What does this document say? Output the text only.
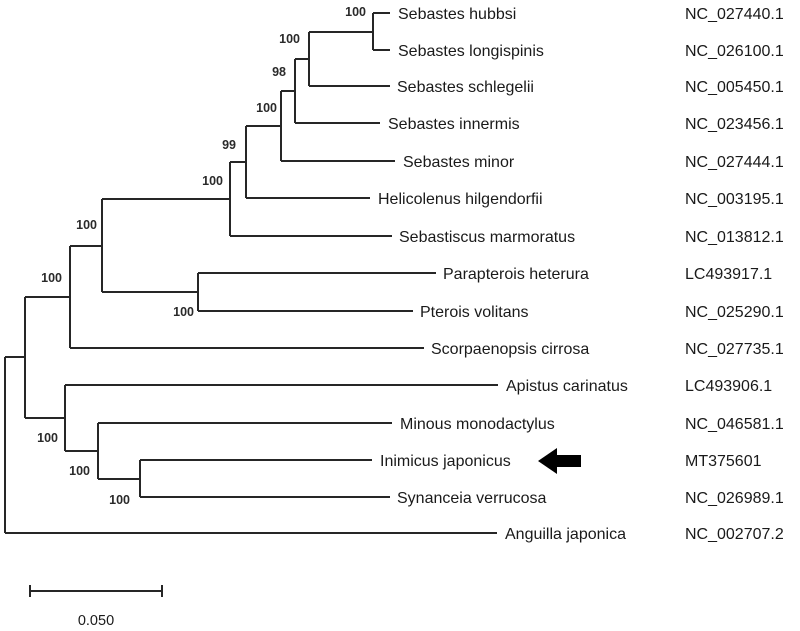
Sebastes hubbsi
Sebastes longispinis
Sebastes schlegelii
Sebastes innermis
Sebastes minor
Helicolenus hilgendorfii
Sebastiscus marmoratus
Parapterois heterura
Pterois volitans
Scorpaenopsis cirrosa
Apistus carinatus
Minous monodactylus
Inimicus japonicus
Synanceia verrucosa
Anguilla japonica
NC_027440.1
NC_026100.1
NC_005450.1
NC_023456.1
NC_027444.1
NC_003195.1
NC_013812.1
LC493917.1
NC_025290.1
NC_027735.1
LC493906.1
NC_046581.1
MT375601
NC_026989.1
NC_002707.2
100
100
98
100
99
100
100
100
100
100
100
100
0.050
